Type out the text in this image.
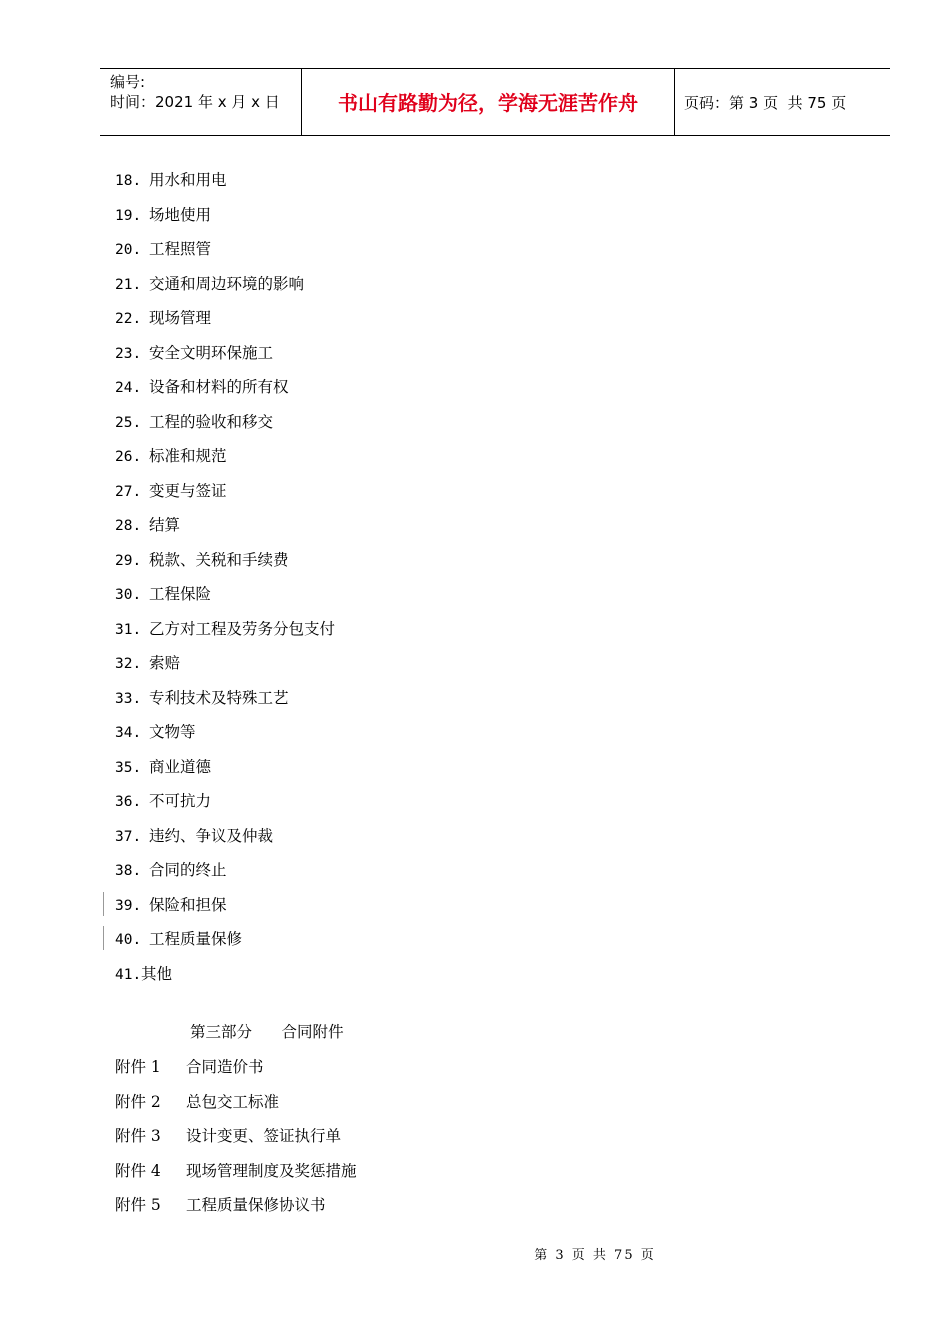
编号:
时间：2021 年 x 月 x 日	书山有路勤为径，学海无涯苦作舟	页码：第 3 页  共 75 页
18. 用水和用电
19. 场地使用
20. 工程照管
21. 交通和周边环境的影响
22. 现场管理
23. 安全文明环保施工
24. 设备和材料的所有权
25. 工程的验收和移交
26. 标准和规范
27. 变更与签证
28. 结算
29. 税款、关税和手续费
30. 工程保险
31. 乙方对工程及劳务分包支付
32. 索赔
33. 专利技术及特殊工艺
34. 文物等
35. 商业道德
36. 不可抗力
37. 违约、争议及仲裁
38. 合同的终止
39. 保险和担保
40. 工程质量保修
41.其他
第三部分      合同附件
附件 1 合同造价书
附件 2 总包交工标准
附件 3 设计变更、签证执行单
附件 4 现场管理制度及奖惩措施
附件 5 工程质量保修协议书
第 3 页 共 75 页
